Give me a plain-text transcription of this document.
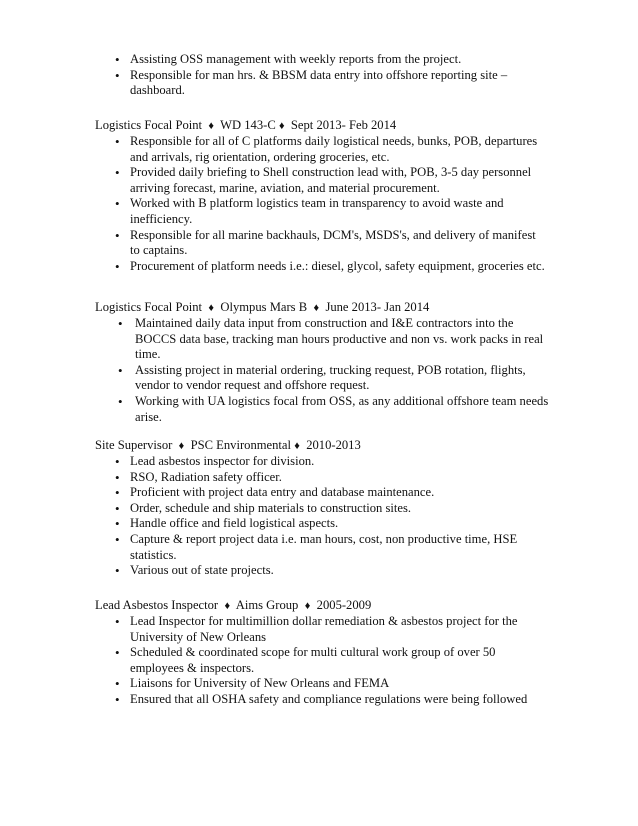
• Assisting OSS management with weekly reports from the project.
• Responsible for man hrs. & BBSM data entry into offshore reporting site – dashboard.
Logistics Focal Point ♦ WD 143-C ♦ Sept 2013- Feb 2014
• Responsible for all of C platforms daily logistical needs, bunks, POB, departures and arrivals, rig orientation, ordering groceries, etc.
• Provided daily briefing to Shell construction lead with, POB, 3-5 day personnel arriving forecast, marine, aviation, and material procurement.
• Worked with B platform logistics team in transparency to avoid waste and inefficiency.
• Responsible for all marine backhauls, DCM's, MSDS's, and delivery of manifest to captains.
• Procurement of platform needs i.e.: diesel, glycol, safety equipment, groceries etc.
Logistics Focal Point ♦ Olympus Mars B ♦ June 2013- Jan 2014
• Maintained daily data input from construction and I&E contractors into the BOCCS data base, tracking man hours productive and non vs. work packs in real time.
• Assisting project in material ordering, trucking request, POB rotation, flights, vendor to vendor request and offshore request.
• Working with UA logistics focal from OSS, as any additional offshore team needs arise.
Site Supervisor ♦ PSC Environmental ♦ 2010-2013
• Lead asbestos inspector for division.
• RSO, Radiation safety officer.
• Proficient with project data entry and database maintenance.
• Order, schedule and ship materials to construction sites.
• Handle office and field logistical aspects.
• Capture & report project data i.e. man hours, cost, non productive time, HSE statistics.
• Various out of state projects.
Lead Asbestos Inspector ♦ Aims Group ♦ 2005-2009
• Lead Inspector for multimillion dollar remediation & asbestos project for the University of New Orleans
• Scheduled & coordinated scope for multi cultural work group of over 50 employees & inspectors.
• Liaisons for University of New Orleans and FEMA
• Ensured that all OSHA safety and compliance regulations were being followed
